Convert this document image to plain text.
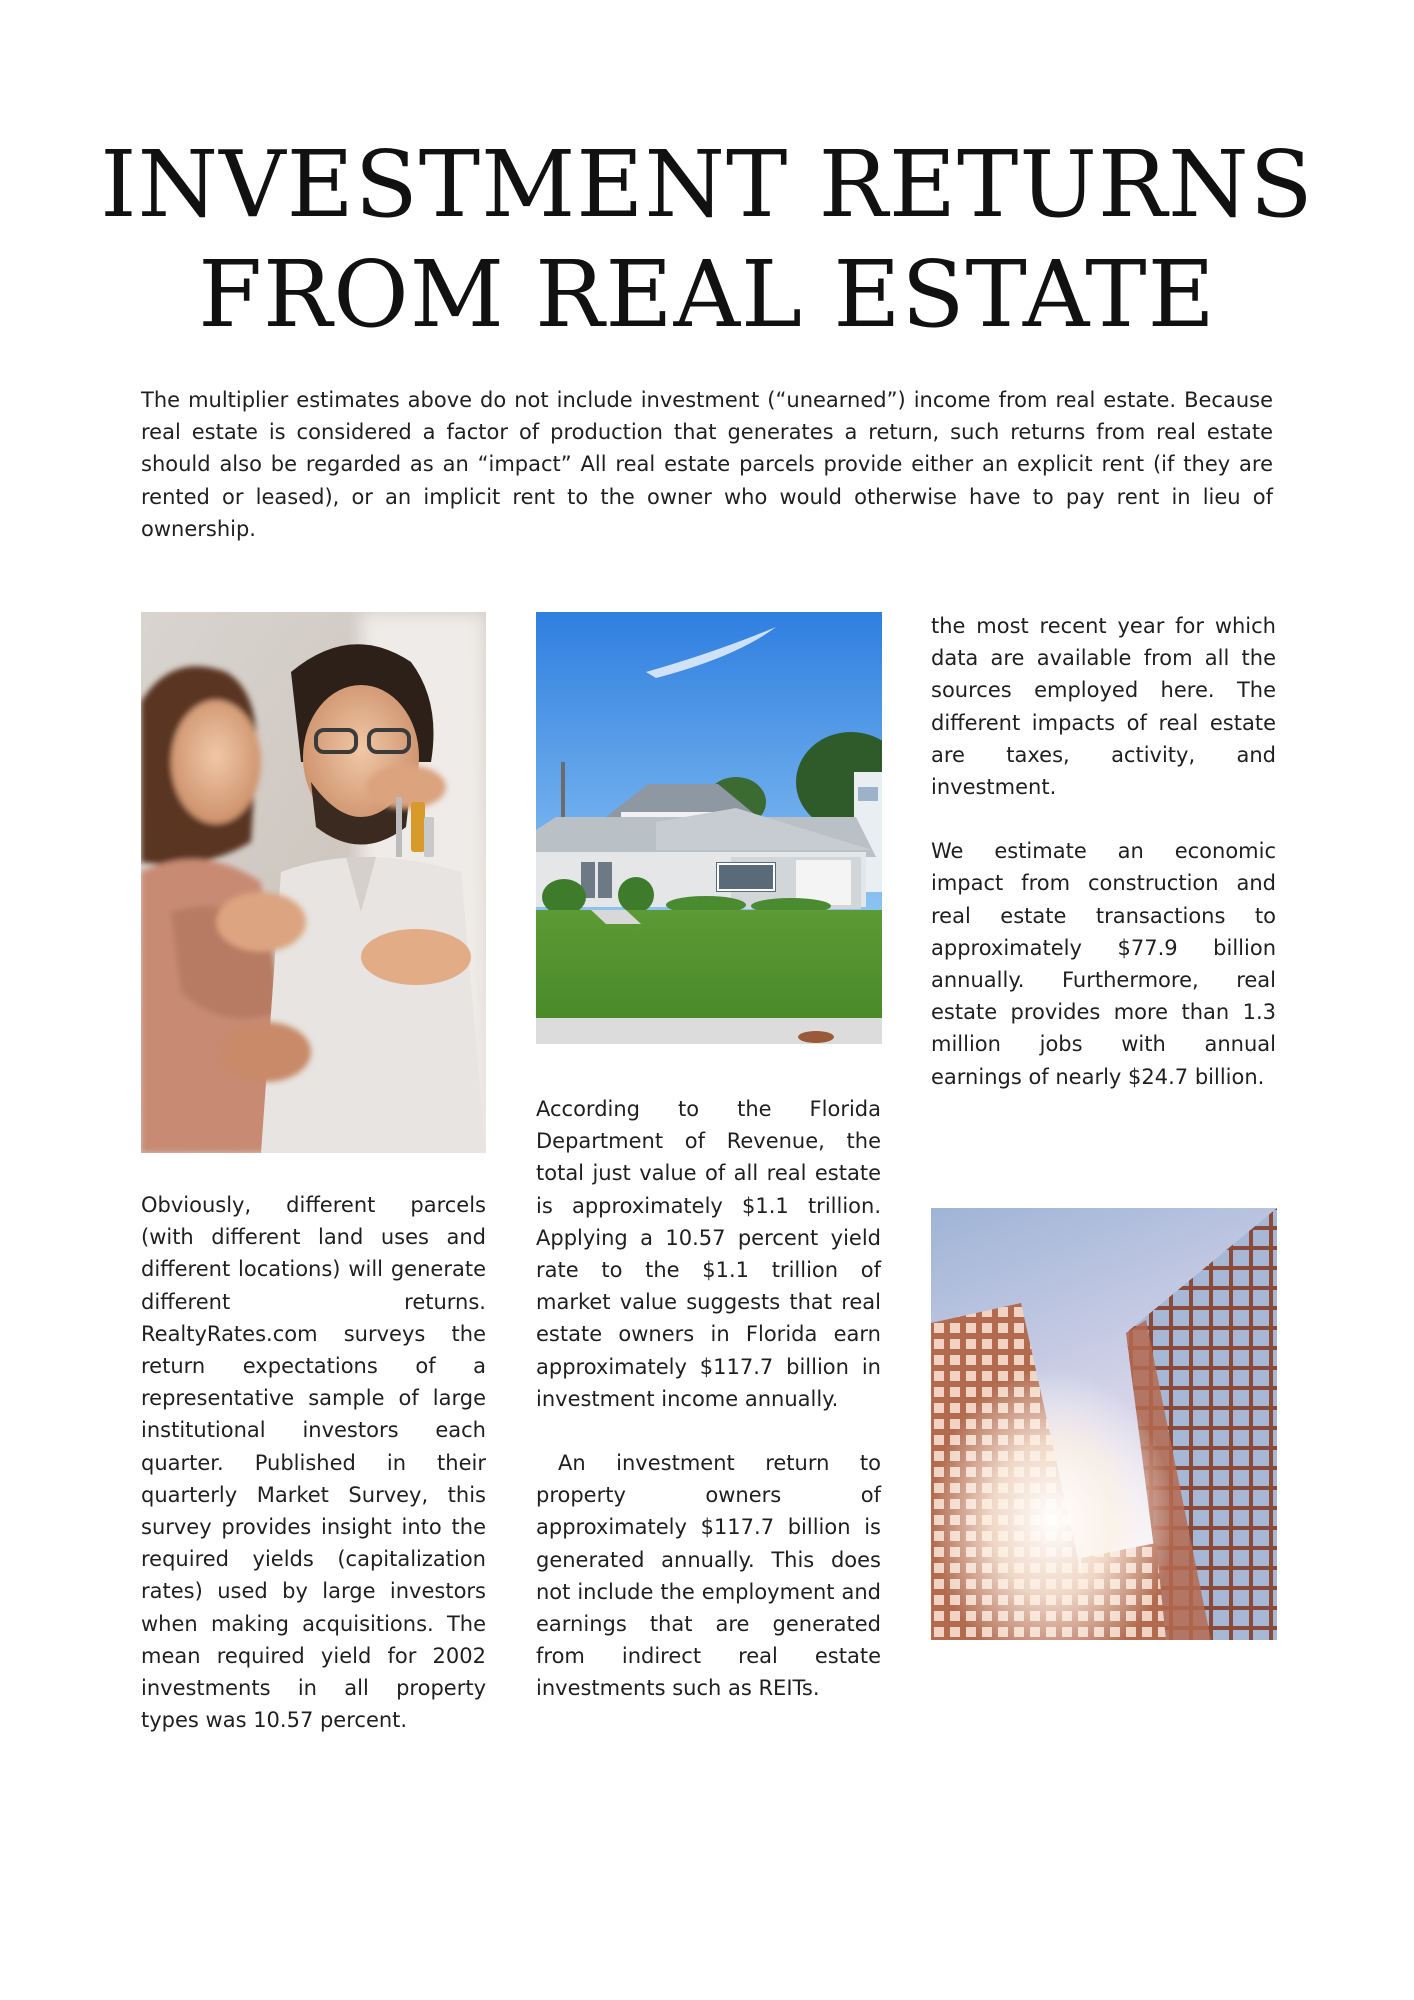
INVESTMENT RETURNS
FROM REAL ESTATE

The multiplier estimates above do not include investment (“unearned”) income from real estate. Because real estate is considered a factor of production that generates a return, such returns from real estate should also be regarded as an “impact” All real estate parcels provide either an explicit rent (if they are rented or leased), or an implicit rent to the owner who would otherwise have to pay rent in lieu of ownership.

Obviously, different parcels (with different land uses and different locations) will generate different returns. RealtyRates.com surveys the return expectations of a representative sample of large institutional investors each quarter. Published in their quarterly Market Survey, this survey provides insight into the required yields (capitalization rates) used by large investors when making acquisitions. The mean required yield for 2002 investments in all property types was 10.57 percent.

According to the Florida Department of Revenue, the total just value of all real estate is approximately $1.1 trillion. Applying a 10.57 percent yield rate to the $1.1 trillion of market value suggests that real estate owners in Florida earn approximately $117.7 billion in investment income annually.

An investment return to property owners of approximately $117.7 billion is generated annually. This does not include the employment and earnings that are generated from indirect real estate investments such as REITs.

the most recent year for which data are available from all the sources employed here. The different impacts of real estate are taxes, activity, and investment.

We estimate an economic impact from construction and real estate transactions to approximately $77.9 billion annually. Furthermore, real estate provides more than 1.3 million jobs with annual earnings of nearly $24.7 billion.
